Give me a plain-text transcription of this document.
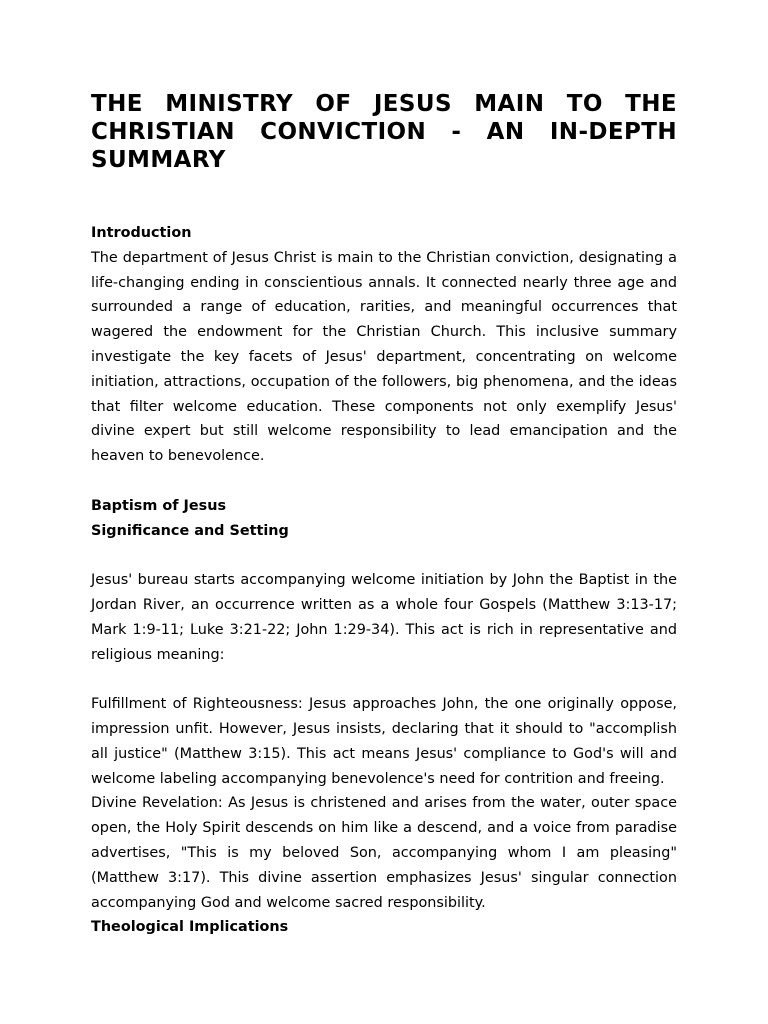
THE MINISTRY OF JESUS MAIN TO THE CHRISTIAN CONVICTION - AN IN-DEPTH SUMMARY
Introduction

The department of Jesus Christ is main to the Christian conviction, designating a life-changing ending in conscientious annals. It connected nearly three age and surrounded a range of education, rarities, and meaningful occurrences that wagered the endowment for the Christian Church. This inclusive summary investigate the key facets of Jesus' department, concentrating on welcome initiation, attractions, occupation of the followers, big phenomena, and the ideas that filter welcome education. These components not only exemplify Jesus' divine expert but still welcome responsibility to lead emancipation and the heaven to benevolence.

Baptism of Jesus
Significance and Setting

Jesus' bureau starts accompanying welcome initiation by John the Baptist in the Jordan River, an occurrence written as a whole four Gospels (Matthew 3:13-17; Mark 1:9-11; Luke 3:21-22; John 1:29-34). This act is rich in representative and religious meaning:

Fulfillment of Righteousness: Jesus approaches John, the one originally oppose, impression unfit. However, Jesus insists, declaring that it should to "accomplish all justice" (Matthew 3:15). This act means Jesus' compliance to God's will and welcome labeling accompanying benevolence's need for contrition and freeing.

Divine Revelation: As Jesus is christened and arises from the water, outer space open, the Holy Spirit descends on him like a descend, and a voice from paradise advertises, "This is my beloved Son, accompanying whom I am pleasing" (Matthew 3:17). This divine assertion emphasizes Jesus' singular connection accompanying God and welcome sacred responsibility.

Theological Implications
